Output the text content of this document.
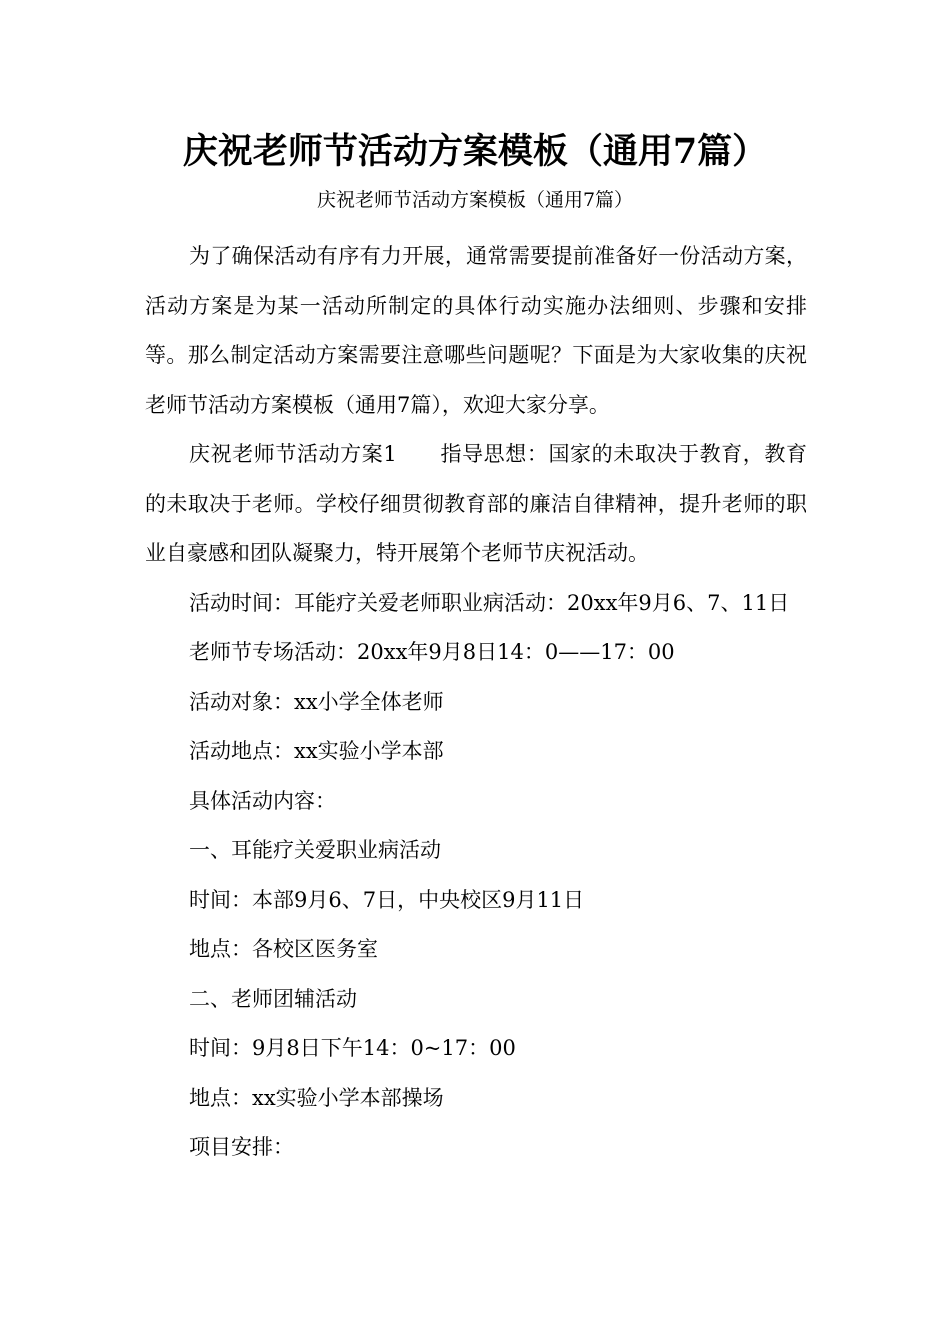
庆祝老师节活动方案模板（通用7篇）
庆祝老师节活动方案模板（通用7篇）

为了确保活动有序有力开展，通常需要提前准备好一份活动方案，活动方案是为某一活动所制定的具体行动实施办法细则、步骤和安排等。那么制定活动方案需要注意哪些问题呢？下面是为大家收集的庆祝老师节活动方案模板（通用7篇），欢迎大家分享。

庆祝老师节活动方案1　　指导思想：国家的未取决于教育，教育的未取决于老师。学校仔细贯彻教育部的廉洁自律精神，提升老师的职业自豪感和团队凝聚力，特开展第个老师节庆祝活动。

活动时间：耳能疗关爱老师职业病活动：20xx年9月6、7、11日

老师节专场活动：20xx年9月8日14：0——17：00

活动对象：xx小学全体老师

活动地点：xx实验小学本部

具体活动内容：

一、耳能疗关爱职业病活动

时间：本部9月6、7日，中央校区9月11日

地点：各校区医务室

二、老师团辅活动

时间：9月8日下午14：0~17：00

地点：xx实验小学本部操场

项目安排：
